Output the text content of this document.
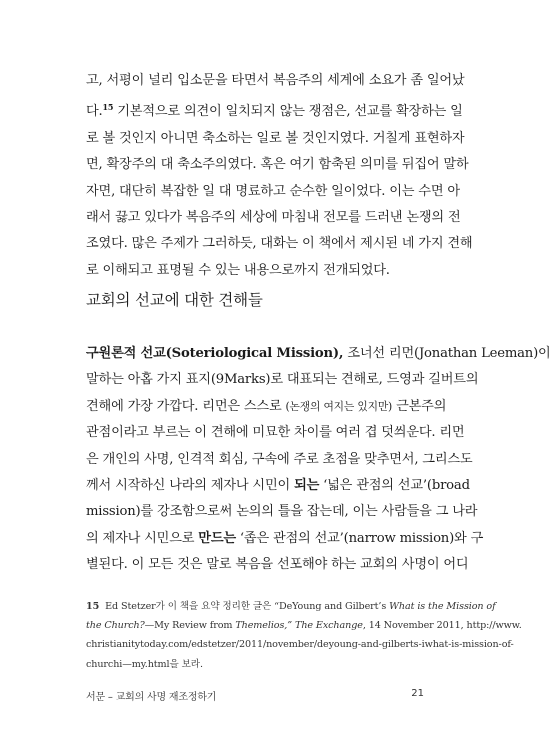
고, 서평이 널리 입소문을 타면서 복음주의 세계에 소요가 좀 일어났
다.$^{15}$ 기본적으로 의견이 일치되지 않는 쟁점은, 선교를 확장하는 일
로 볼 것인지 아니면 축소하는 일로 볼 것인지였다. 거칠게 표현하자
면, 확장주의 대 축소주의였다. 혹은 여기 함축된 의미를 뒤집어 말하
자면, 대단히 복잡한 일 대 명료하고 순수한 일이었다. 이는 수면 아
래서 끓고 있다가 복음주의 세상에 마침내 전모를 드러낸 논쟁의 전
조였다. 많은 주제가 그러하듯, 대화는 이 책에서 제시된 네 가지 견해
로 이해되고 표명될 수 있는 내용으로까지 전개되었다.
교회의 선교에 대한 견해들
구원론적 선교(Soteriological Mission), 조너선 리먼(Jonathan Leeman)이
말하는 아홉 가지 표지(9Marks)로 대표되는 견해로, 드영과 길버트의
견해에 가장 가깝다. 리먼은 스스로 (논쟁의 여지는 있지만) 근본주의
관점이라고 부르는 이 견해에 미묘한 차이를 여러 겹 덧씌운다. 리먼
은 개인의 사명, 인격적 회심, 구속에 주로 초점을 맞추면서, 그리스도
께서 시작하신 나라의 제자나 시민이 되는 ‘넓은 관점의 선교’(broad
mission)를 강조함으로써 논의의 틀을 잡는데, 이는 사람들을 그 나라
의 제자나 시민으로 만드는 ‘좁은 관점의 선교’(narrow mission)와 구
별된다. 이 모든 것은 말로 복음을 선포해야 하는 교회의 사명이 어디
15 Ed Stetzer가 이 책을 요약 정리한 글은 “DeYoung and Gilbert’s What is the Mission of
the Church?—My Review from Themelios,” The Exchange, 14 November 2011, http://www.
christianitytoday.com/edstetzer/2011/november/deyoung-and-gilberts-iwhat-is-mission-of-
churchi—my.html을 보라.
서문 – 교회의 사명 재조정하기	21
